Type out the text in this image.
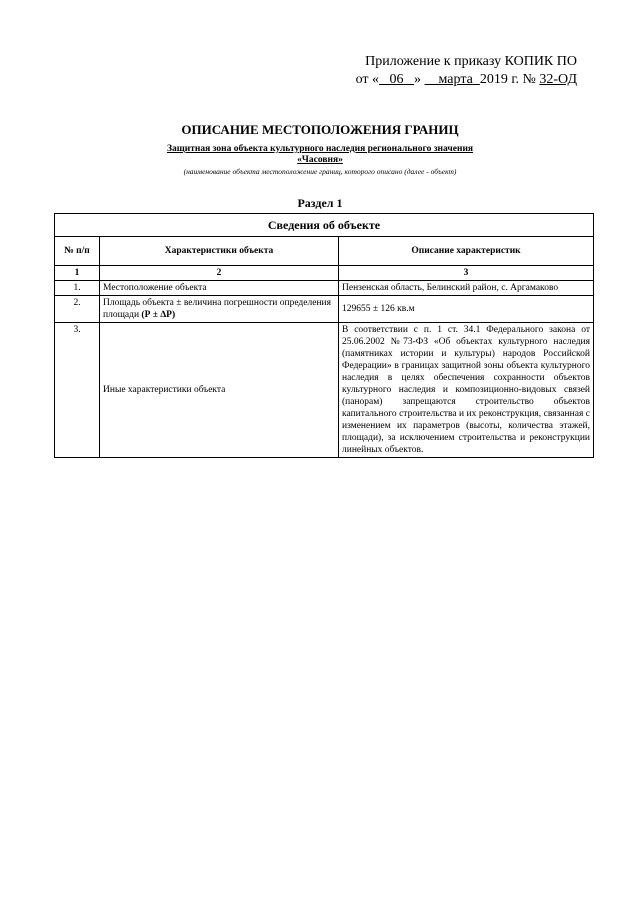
Приложение к приказу КОПИК ПО
от « 06 » марта 2019 г. № 32-ОД
ОПИСАНИЕ МЕСТОПОЛОЖЕНИЯ ГРАНИЦ
Защитная зона объекта культурного наследия регионального значения
«Часовня»
(наименование объекта местоположение границ, которого описано (далее - объект)
Раздел 1
Сведения об объекте		
№ п/п	Характеристики объекта	Описание характеристик
1	2	3
1.	Местоположение объекта	Пензенская область, Белинский район, с. Аргамаково
2.	Площадь объекта ± величина погрешности определения площади (Р ± ∆Р)	129655 ± 126 кв.м
3.	Иные характеристики объекта	В соответствии с п. 1 ст. 34.1 Федерального закона от 25.06.2002 №73-ФЗ «Об объектах культурного наследия (памятниках истории и культуры) народов Российской Федерации» в границах защитной зоны объекта культурного наследия в целях обеспечения сохранности объектов культурного наследия и композиционно-видовых связей (панорам) запрещаются строительство объектов капитального строительства и их реконструкция, связанная с изменением их параметров (высоты, количества этажей, площади), за исключением строительства и реконструкции линейных объектов.
